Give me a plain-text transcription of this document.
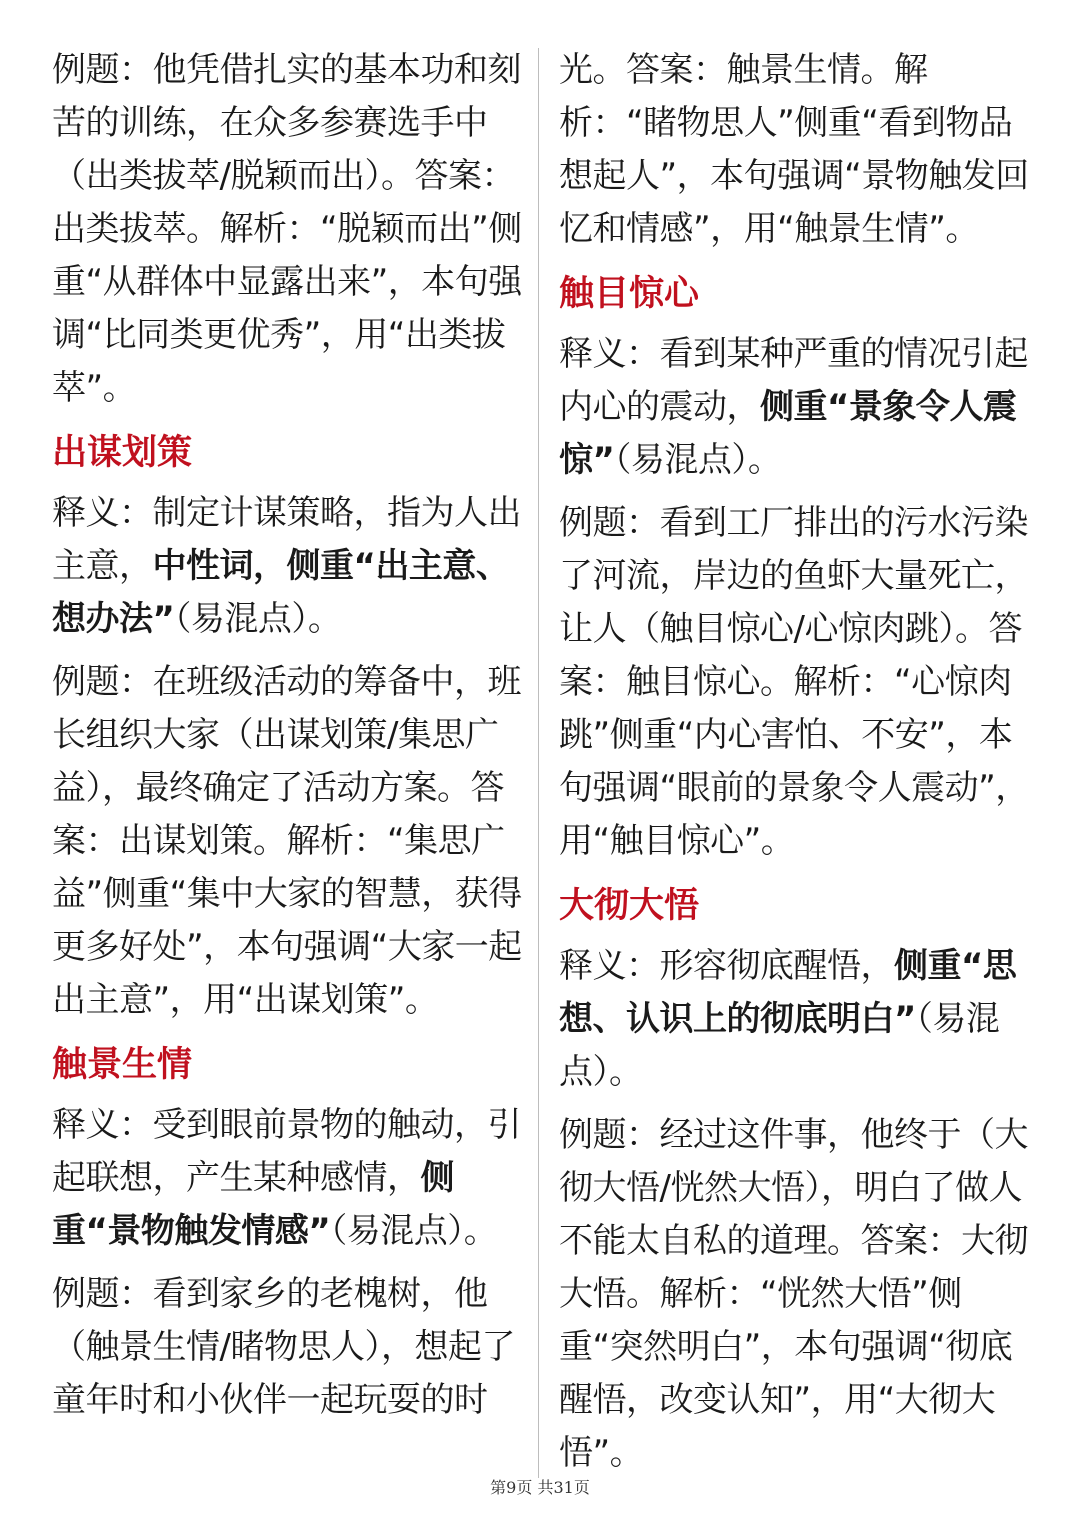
例题：他凭借扎实的基本功和刻苦的训练，在众多参赛选手中（出类拔萃/脱颖而出）。答案：出类拔萃。解析：“脱颖而出”侧重“从群体中显露出来”，本句强调“比同类更优秀”，用“出类拔萃”。

出谋划策

释义：制定计谋策略，指为人出主意，中性词，侧重“出主意、想办法”（易混点）。

例题：在班级活动的筹备中，班长组织大家（出谋划策/集思广益），最终确定了活动方案。答案：出谋划策。解析：“集思广益”侧重“集中大家的智慧，获得更多好处”，本句强调“大家一起出主意”，用“出谋划策”。

触景生情

释义：受到眼前景物的触动，引起联想，产生某种感情，侧重“景物触发情感”（易混点）。

例题：看到家乡的老槐树，他（触景生情/睹物思人），想起了童年时和小伙伴一起玩耍的时

光。答案：触景生情。解析：“睹物思人”侧重“看到物品想起人”，本句强调“景物触发回忆和情感”，用“触景生情”。

触目惊心

释义：看到某种严重的情况引起内心的震动，侧重“景象令人震惊”（易混点）。

例题：看到工厂排出的污水污染了河流，岸边的鱼虾大量死亡，让人（触目惊心/心惊肉跳）。答案：触目惊心。解析：“心惊肉跳”侧重“内心害怕、不安”，本句强调“眼前的景象令人震动”，用“触目惊心”。

大彻大悟

释义：形容彻底醒悟，侧重“思想、认识上的彻底明白”（易混点）。

例题：经过这件事，他终于（大彻大悟/恍然大悟），明白了做人不能太自私的道理。答案：大彻大悟。解析：“恍然大悟”侧重“突然明白”，本句强调“彻底醒悟，改变认知”，用“大彻大悟”。

第9页 共31页
